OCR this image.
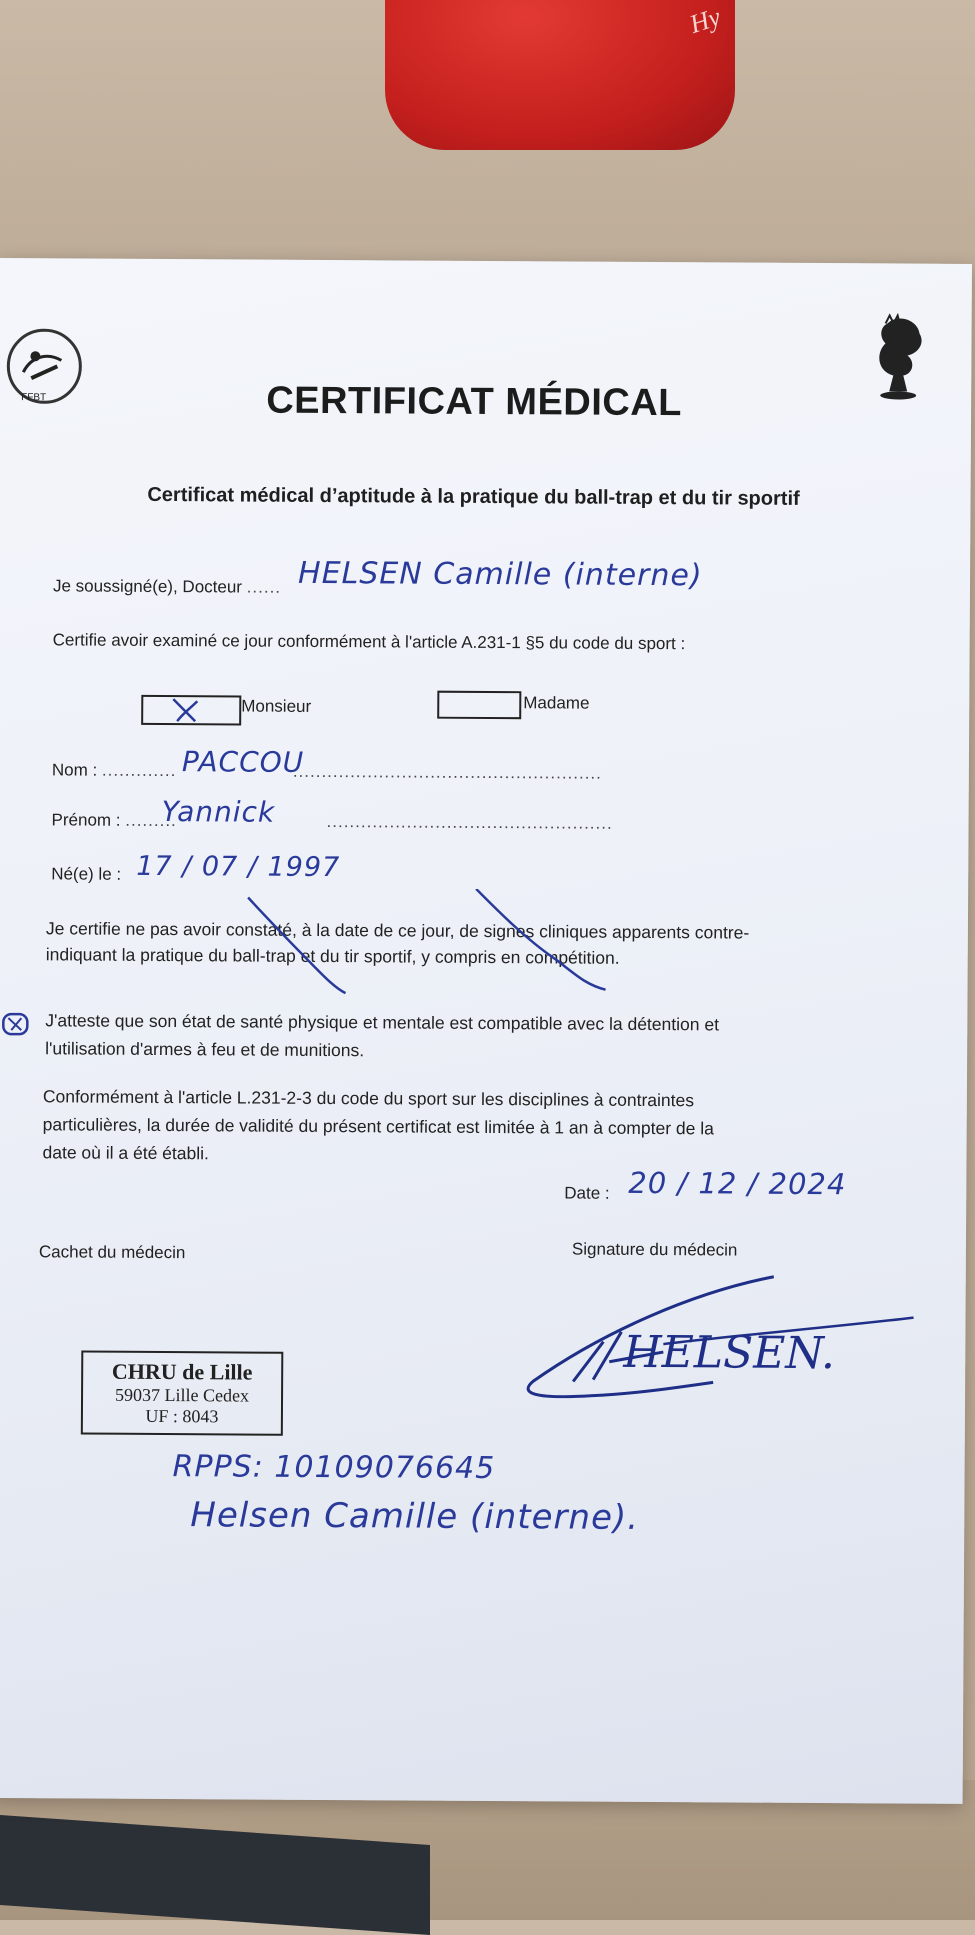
Hy
FFBT	CERTIFICAT MÉDICAL
Certificat médical d’aptitude à la pratique du ball-trap et du tir sportif
Je soussigné(e), Docteur ...... HELSEN Camille (interne)
Certifie avoir examiné ce jour conformément à l'article A.231-1 §5 du code du sport :
Monsieur	Madame
Nom : ............. PACCOU
......................................................
Prénom : .........
Yannick	..................................................
Né(e) le : 17 / 07 / 1997
Je certifie ne pas avoir constaté, à la date de ce jour, de signes cliniques apparents contre-
indiquant la pratique du ball-trap et du tir sportif, y compris en compétition.
J'atteste que son état de santé physique et mentale est compatible avec la détention et
l'utilisation d'armes à feu et de munitions.
Conformément à l'article L.231-2-3 du code du sport sur les disciplines à contraintes
particulières, la durée de validité du présent certificat est limitée à 1 an à compter de la
date où il a été établi.
Date : 20 / 12 / 2024
Cachet du médecin	Signature du médecin
HELSEN.
CHRU de Lille
59037 Lille Cedex
UF : 8043
RPPS: 10109076645
Helsen Camille (interne).
